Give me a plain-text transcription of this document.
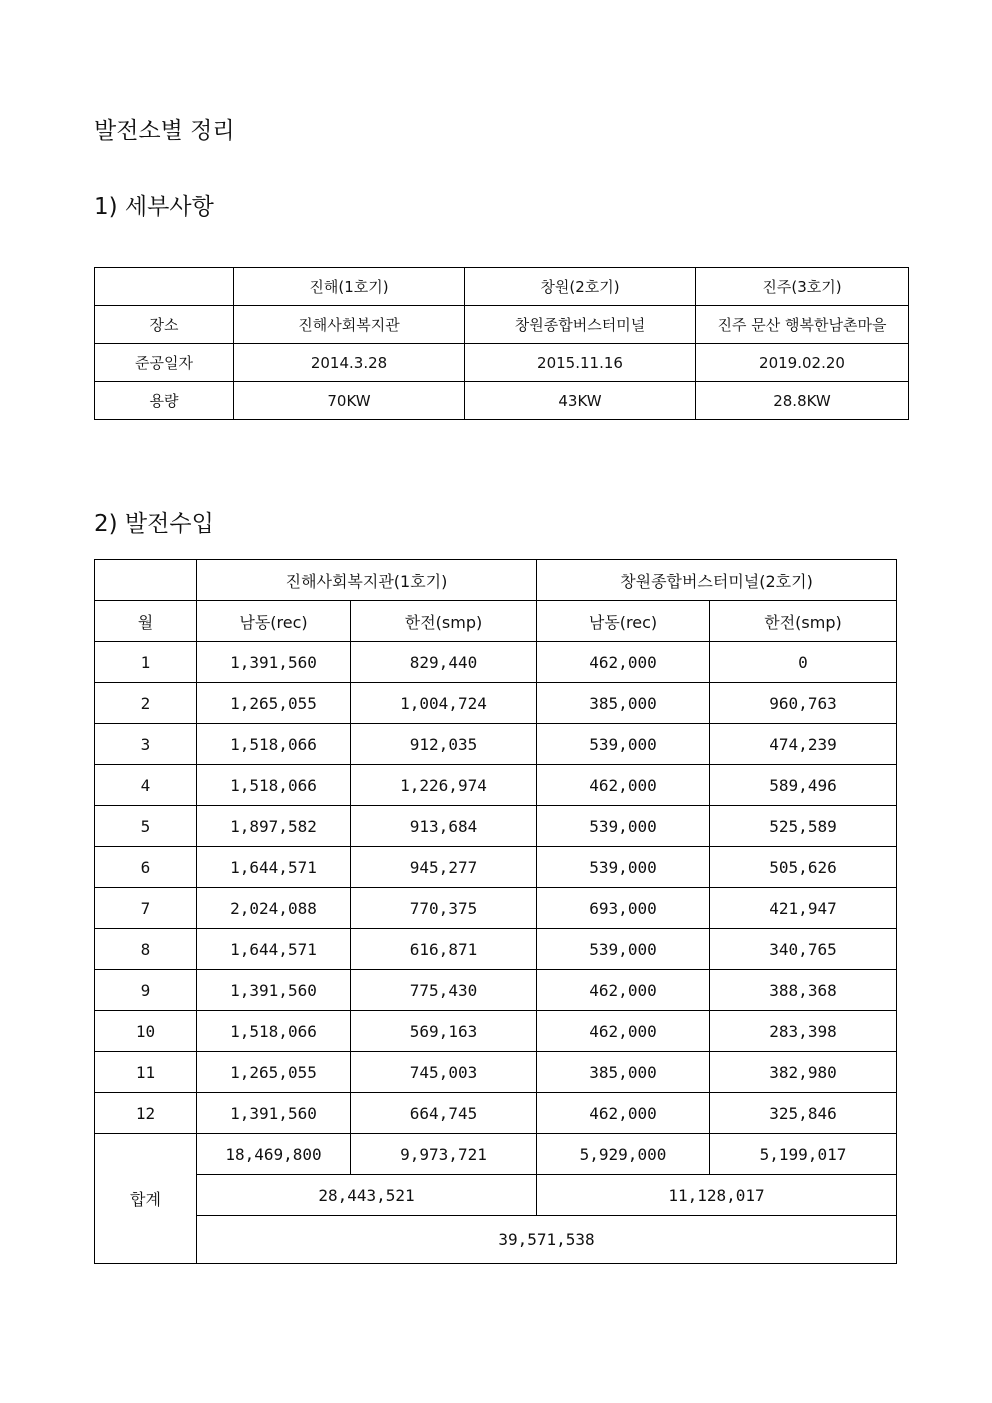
발전소별 정리
1) 세부사항
	진해(1호기)	창원(2호기)	진주(3호기)
장소	진해사회복지관	창원종합버스터미널	진주 문산 행복한남촌마을
준공일자	2014.3.28	2015.11.16	2019.02.20
용량	70KW	43KW	28.8KW
2) 발전수입
	진해사회복지관(1호기)		창원종합버스터미널(2호기)	
월	남동(rec)	한전(smp)	남동(rec)	한전(smp)
1	1,391,560	829,440	462,000	0
2	1,265,055	1,004,724	385,000	960,763
3	1,518,066	912,035	539,000	474,239
4	1,518,066	1,226,974	462,000	589,496
5	1,897,582	913,684	539,000	525,589
6	1,644,571	945,277	539,000	505,626
7	2,024,088	770,375	693,000	421,947
8	1,644,571	616,871	539,000	340,765
9	1,391,560	775,430	462,000	388,368
10	1,518,066	569,163	462,000	283,398
11	1,265,055	745,003	385,000	382,980
12	1,391,560	664,745	462,000	325,846
합계	18,469,800	9,973,721	5,929,000	5,199,017
	28,443,521		11,128,017	
	39,571,538			
